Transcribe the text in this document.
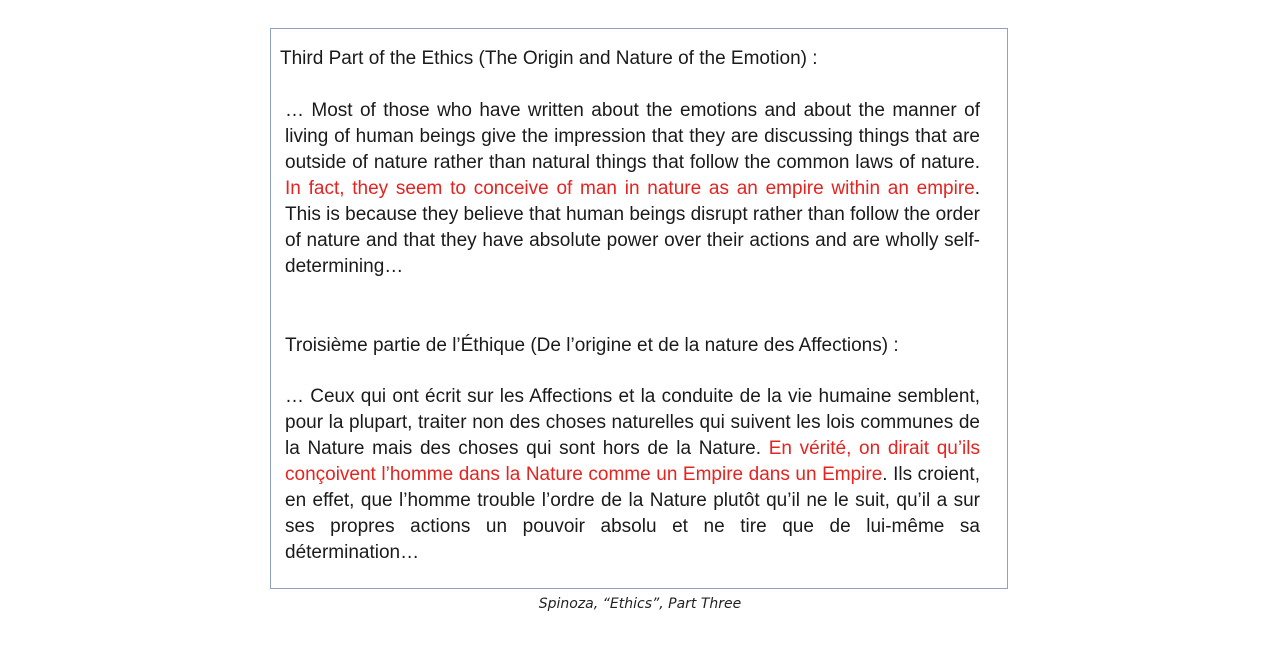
Third Part of the Ethics (The Origin and Nature of the Emotion) :

… Most of those who have written about the emotions and about the manner of living of human beings give the impression that they are discussing things that are outside of nature rather than natural things that follow the common laws of nature. In fact, they seem to conceive of man in nature as an empire within an empire. This is because they believe that human beings disrupt rather than follow the order of nature and that they have absolute power over their actions and are wholly self-determining…

Troisième partie de l’Éthique (De l’origine et de la nature des Affections) :

… Ceux qui ont écrit sur les Affections et la conduite de la vie humaine semblent, pour la plupart, traiter non des choses naturelles qui suivent les lois communes de la Nature mais des choses qui sont hors de la Nature. En vérité, on dirait qu’ils conçoivent l’homme dans la Nature comme un Empire dans un Empire. Ils croient, en effet, que l’homme trouble l’ordre de la Nature plutôt qu’il ne le suit, qu’il a sur ses propres actions un pouvoir absolu et ne tire que de lui-même sa détermination…

Spinoza, “Ethics”, Part Three
